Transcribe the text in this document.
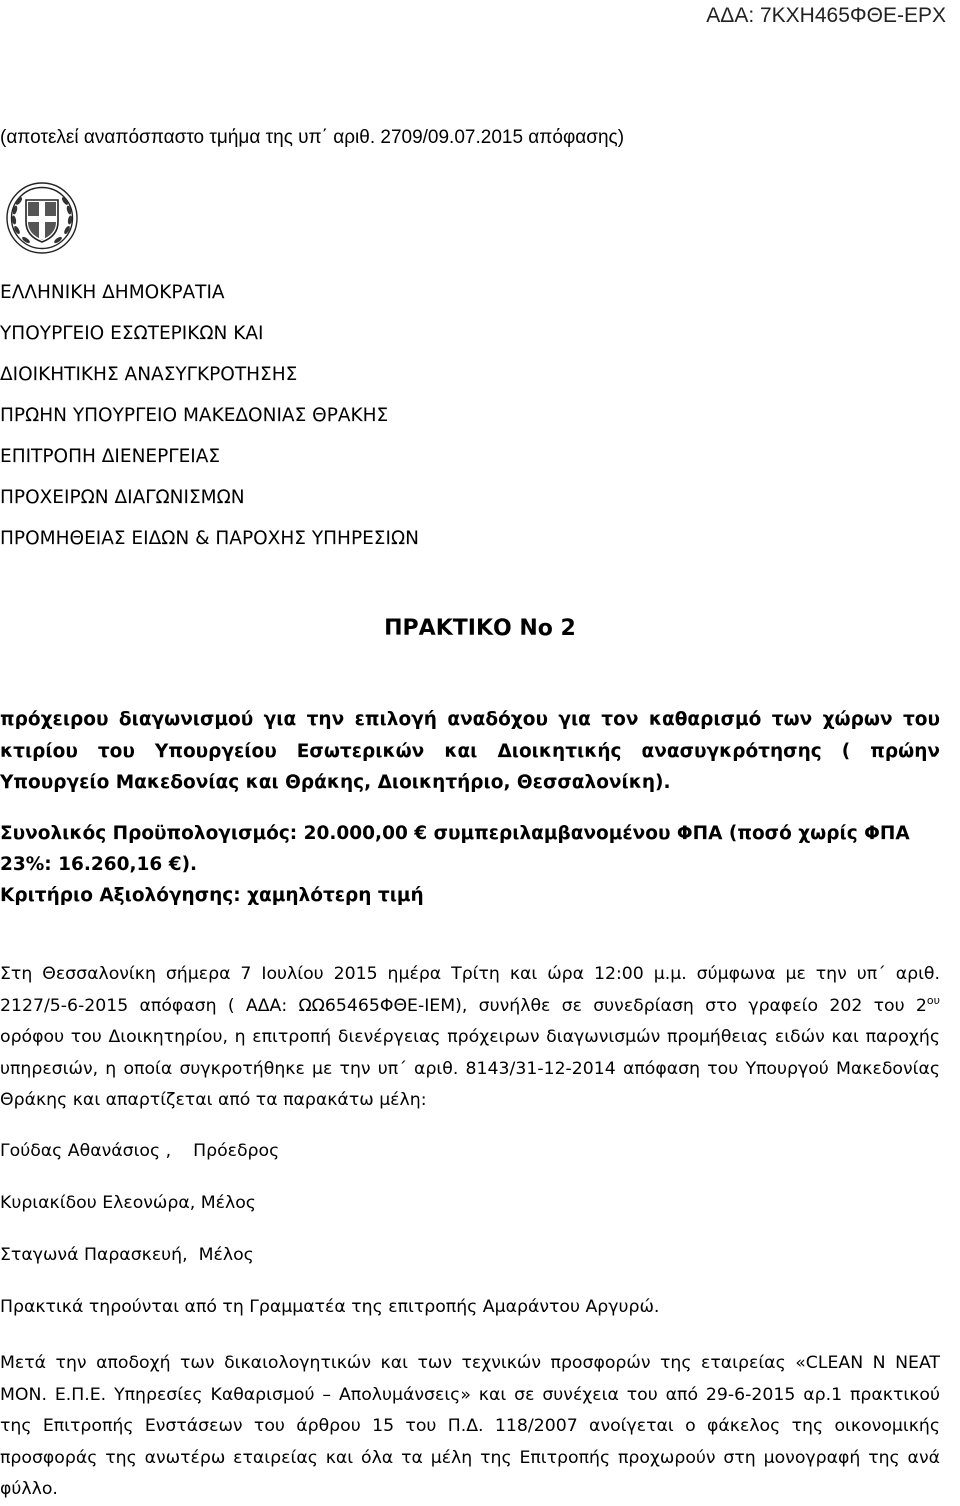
ΑΔΑ: 7ΚΧΗ465ΦΘΕ-ΕΡΧ
(αποτελεί αναπόσπαστο τμήμα της υπ΄ αριθ. 2709/09.07.2015 απόφασης)
ΕΛΛΗΝΙΚΗ ΔΗΜΟΚΡΑΤΙΑ
ΥΠΟΥΡΓΕΙΟ ΕΣΩΤΕΡΙΚΩΝ ΚΑΙ
ΔΙΟΙΚΗΤΙΚΗΣ ΑΝΑΣΥΓΚΡΟΤΗΣΗΣ
ΠΡΩΗΝ ΥΠΟΥΡΓΕΙΟ ΜΑΚΕΔΟΝΙΑΣ ΘΡΑΚΗΣ
ΕΠΙΤΡΟΠΗ ΔΙΕΝΕΡΓΕΙΑΣ
ΠΡΟΧΕΙΡΩΝ ΔΙΑΓΩΝΙΣΜΩΝ
ΠΡΟΜΗΘΕΙΑΣ ΕΙΔΩΝ & ΠΑΡΟΧΗΣ ΥΠΗΡΕΣΙΩΝ
ΠΡΑΚΤΙΚΟ Νο 2

πρόχειρου διαγωνισμού για την επιλογή αναδόχου για τον καθαρισμό των χώρων του κτιρίου του Υπουργείου Εσωτερικών και Διοικητικής ανασυγκρότησης ( πρώην Υπουργείο Μακεδονίας και Θράκης, Διοικητήριο, Θεσσαλονίκη).

Συνολικός Προϋπολογισμός: 20.000,00 € συμπεριλαμβανομένου ΦΠΑ (ποσό χωρίς ΦΠΑ 23%: 16.260,16 €).

Κριτήριο Αξιολόγησης: χαμηλότερη τιμή

Στη Θεσσαλονίκη σήμερα 7 Ιουλίου 2015 ημέρα Τρίτη και ώρα 12:00 μ.μ. σύμφωνα με την υπ΄ αριθ. 2127/5-6-2015 απόφαση ( ΑΔΑ: ΩΩ65465ΦΘΕ-ΙΕΜ), συνήλθε σε συνεδρίαση στο γραφείο 202 του $2^{o\upsilon}$ ορόφου του Διοικητηρίου, η επιτροπή διενέργειας πρόχειρων διαγωνισμών προμήθειας ειδών και παροχής υπηρεσιών, η οποία συγκροτήθηκε με την υπ΄ αριθ. 8143/31-12-2014 απόφαση του Υπουργού Μακεδονίας Θράκης και απαρτίζεται από τα παρακάτω μέλη:

Γούδας Αθανάσιος ,    Πρόεδρος
Κυριακίδου Ελεονώρα, Μέλος
Σταγωνά Παρασκευή,  Μέλος
Πρακτικά τηρούνται από τη Γραμματέα της επιτροπής Αμαράντου Αργυρώ.

Μετά την αποδοχή των δικαιολογητικών και των τεχνικών προσφορών της εταιρείας «CLEAN N NEAT MON. Ε.Π.Ε. Υπηρεσίες Καθαρισμού – Απολυμάνσεις» και σε συνέχεια του από 29-6-2015 αρ.1 πρακτικού της Επιτροπής Ενστάσεων του άρθρου 15 του Π.Δ. 118/2007 ανοίγεται ο φάκελος της οικονομικής προσφοράς της ανωτέρω εταιρείας και όλα τα μέλη της Επιτροπής προχωρούν στη μονογραφή της ανά φύλλο.
